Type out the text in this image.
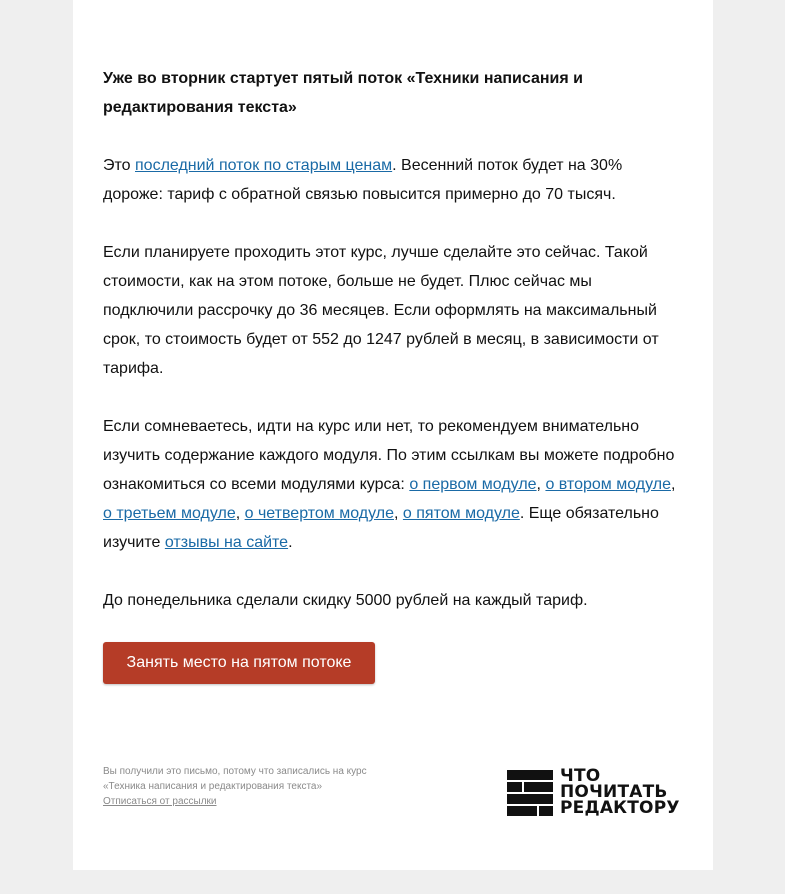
Уже во вторник стартует пятый поток «Техники написания и редактирования текста»

Это последний поток по старым ценам. Весенний поток будет на 30% дороже: тариф с обратной связью повысится примерно до 70 тысяч.

Если планируете проходить этот курс, лучше сделайте это сейчас. Такой стоимости, как на этом потоке, больше не будет. Плюс сейчас мы подключили рассрочку до 36 месяцев. Если оформлять на максимальный срок, то стоимость будет от 552 до 1247 рублей в месяц, в зависимости от тарифа.

Если сомневаетесь, идти на курс или нет, то рекомендуем внимательно изучить содержание каждого модуля. По этим ссылкам вы можете подробно ознакомиться со всеми модулями курса: о первом модуле, о втором модуле, о третьем модуле, о четвертом модуле, о пятом модуле. Еще обязательно изучите отзывы на сайте.

До понедельника сделали скидку 5000 рублей на каждый тариф.

Занять место на пятом потоке
Вы получили это письмо, потому что записались на курс «Техника написания и редактирования текста»
Отписаться от рассылки
ЧТО
ПОЧИТАТЬ
РЕДАКТОРУ
